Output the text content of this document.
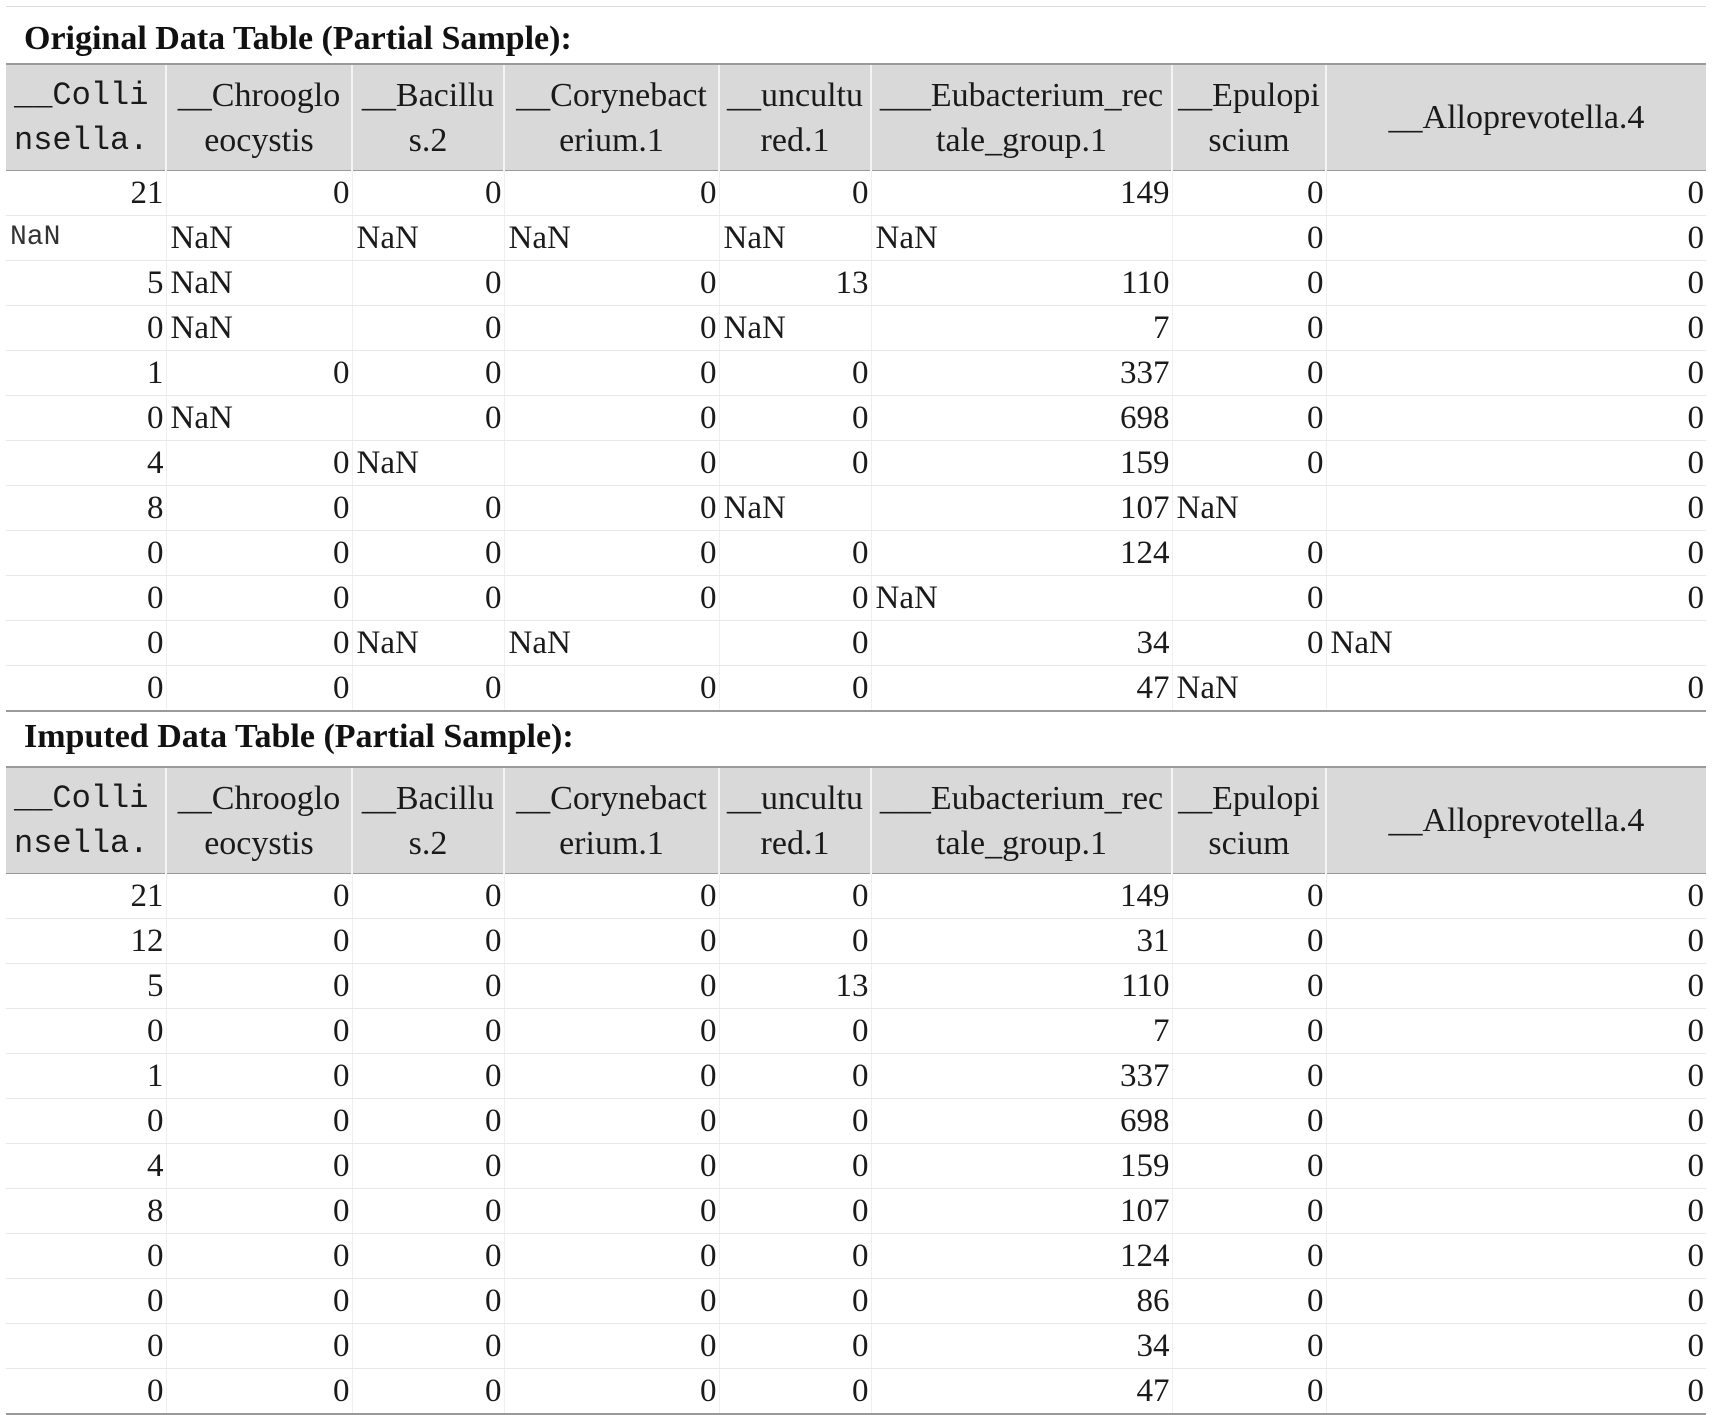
Original Data Table (Partial Sample):
__Collinsella.	__Chroogloeocystis	__Bacillus.2	__Corynebacterium.1	__uncultured.1	___Eubacterium_rectale_group.1	__Epulopiscium	__Alloprevotella.4
21	0	0	0	0	149	0	0
NaN	NaN	NaN	NaN	NaN	NaN	0	0
5	NaN	0	0	13	110	0	0
0	NaN	0	0	NaN	7	0	0
1	0	0	0	0	337	0	0
0	NaN	0	0	0	698	0	0
4	0	NaN	0	0	159	0	0
8	0	0	0	NaN	107	NaN	0
0	0	0	0	0	124	0	0
0	0	0	0	0	NaN	0	0
0	0	NaN	NaN	0	34	0	NaN
0	0	0	0	0	47	NaN	0
Imputed Data Table (Partial Sample):
__Collinsella.	__Chroogloeocystis	__Bacillus.2	__Corynebacterium.1	__uncultured.1	___Eubacterium_rectale_group.1	__Epulopiscium	__Alloprevotella.4
21	0	0	0	0	149	0	0
12	0	0	0	0	31	0	0
5	0	0	0	13	110	0	0
0	0	0	0	0	7	0	0
1	0	0	0	0	337	0	0
0	0	0	0	0	698	0	0
4	0	0	0	0	159	0	0
8	0	0	0	0	107	0	0
0	0	0	0	0	124	0	0
0	0	0	0	0	86	0	0
0	0	0	0	0	34	0	0
0	0	0	0	0	47	0	0
